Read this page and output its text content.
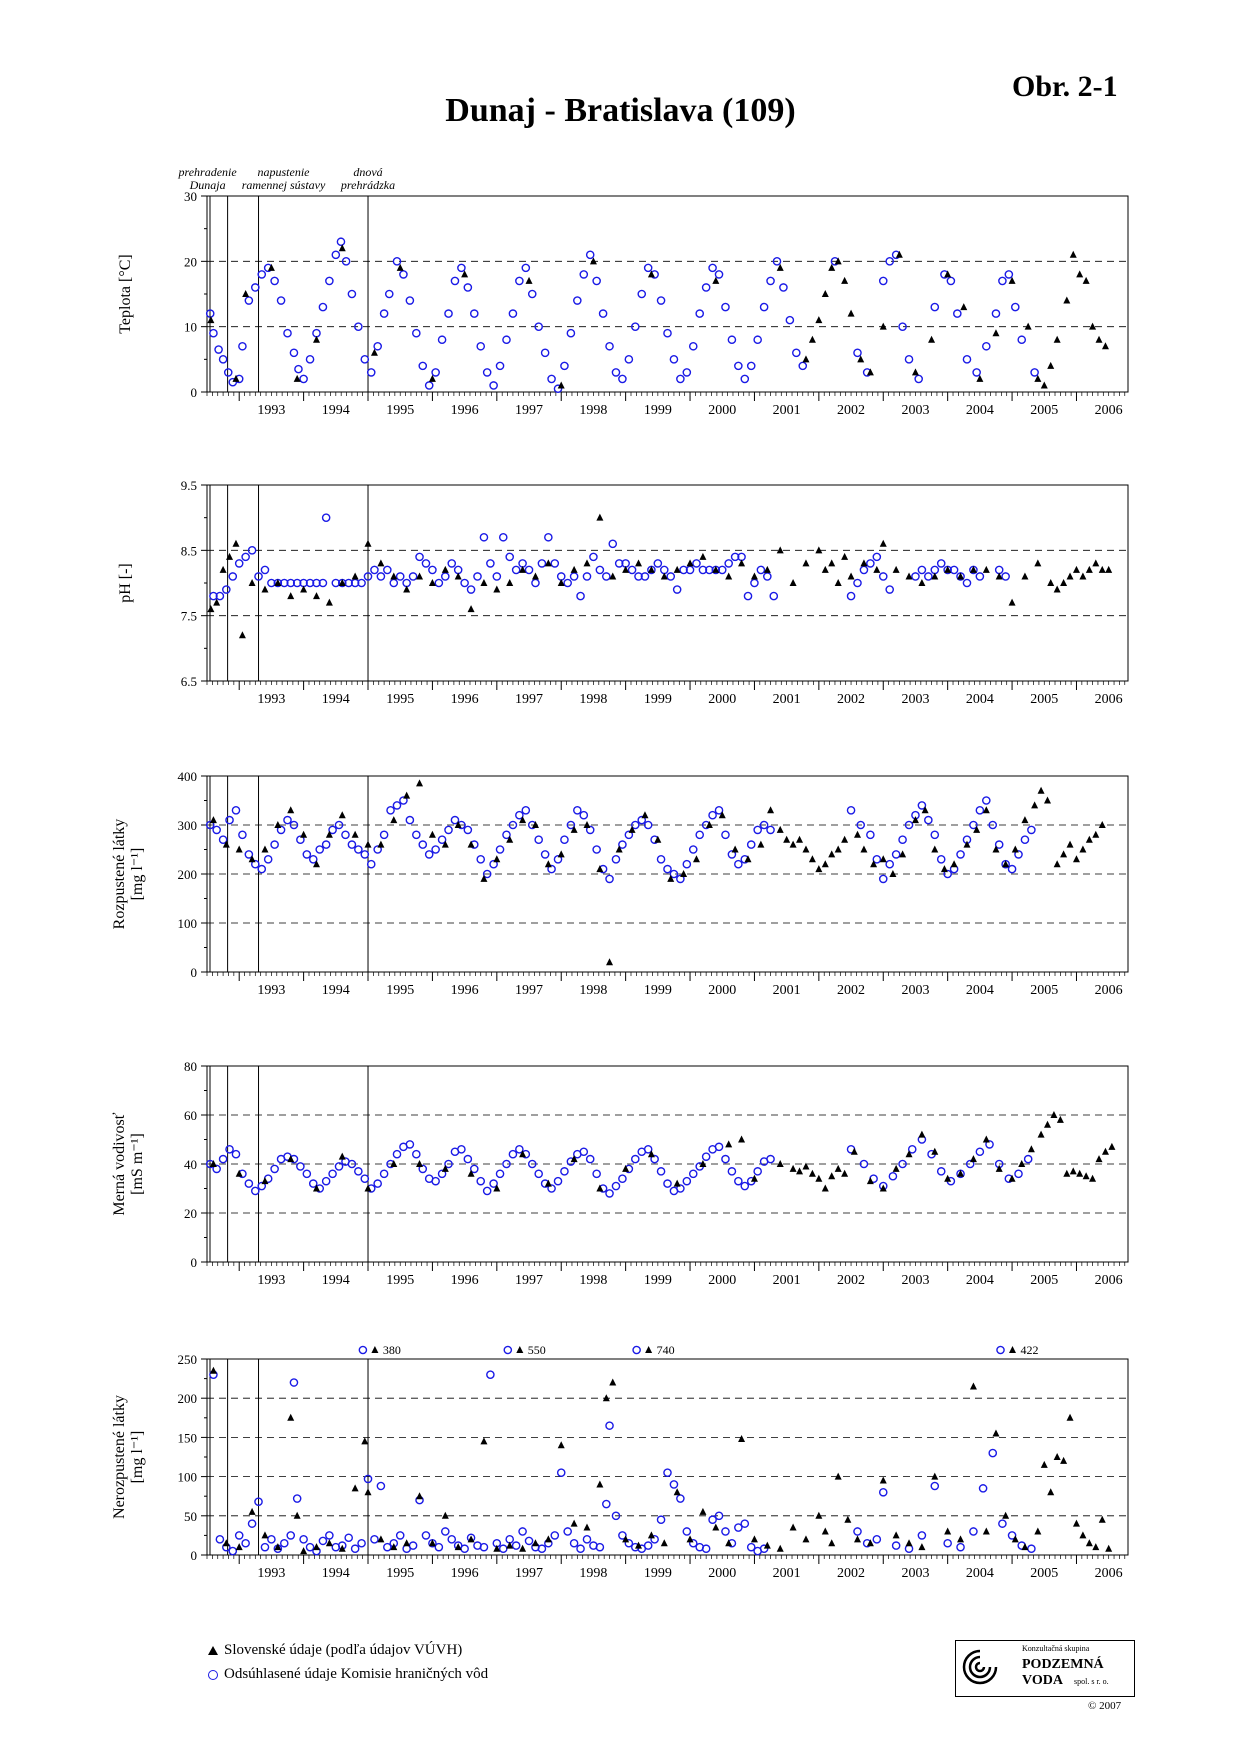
Obr. 2-1
Dunaj - Bratislava (109)
0
10
20
30
1993	1994	1995	1996	1997	1998	1999	2000	2001	2002	2003	2004	2005	2006
Teplota [°C]
6.5
7.5
8.5
9.5
1993	1994	1995	1996	1997	1998	1999	2000	2001	2002	2003	2004	2005	2006
pH [-]
0
100
200
300
400
1993	1994	1995	1996	1997	1998	1999	2000	2001	2002	2003	2004	2005	2006
Rozpustené látky[mg l⁻¹]
0
20
40
60
80
1993	1994	1995	1996	1997	1998	1999	2000	2001	2002	2003	2004	2005	2006
Merná vodivosť[mS m⁻¹]
0
50
100
150
200
250
1993	1994	1995	1996	1997	1998	1999	2000	2001	2002	2003	2004	2005	2006
Nerozpustené látky[mg l⁻¹]
380	550	740	422
prehradenie
Dunaja
napustenie
ramennej sústavy
dnová
prehrádzka
Slovenské údaje (podľa údajov VÚVH)
Odsúhlasené údaje Komisie hraničných vôd
Konzultačná skupina
PODZEMNÁ VODA	spol. s r. o.
© 2007
